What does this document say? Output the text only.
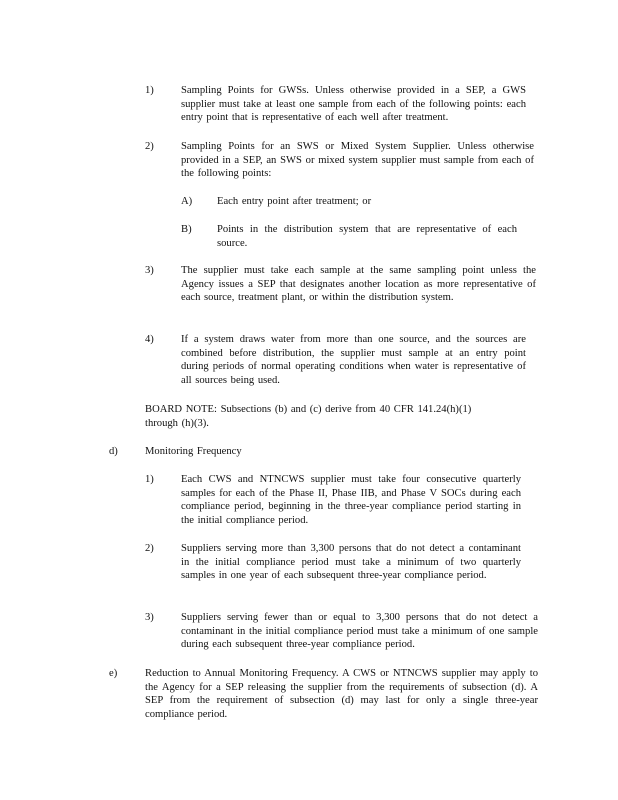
1)	Sampling Points for GWSs. Unless otherwise provided in a SEP, a GWS supplier must take at least one sample from each of the following points: each entry point that is representative of each well after treatment.

2)	Sampling Points for an SWS or Mixed System Supplier. Unless otherwise provided in a SEP, an SWS or mixed system supplier must sample from each of the following points:

A) Each entry point after treatment; or

B) Points in the distribution system that are representative of each source.

3)	The supplier must take each sample at the same sampling point unless the Agency issues a SEP that designates another location as more representative of each source, treatment plant, or within the distribution system.

4)	If a system draws water from more than one source, and the sources are combined before distribution, the supplier must sample at an entry point during periods of normal operating conditions when water is representative of all sources being used.

BOARD NOTE: Subsections (b) and (c) derive from 40 CFR 141.24(h)(1) through (h)(3).

d)	Monitoring Frequency

1)	Each CWS and NTNCWS supplier must take four consecutive quarterly samples for each of the Phase II, Phase IIB, and Phase V SOCs during each compliance period, beginning in the three-year compliance period starting in the initial compliance period.

2)	Suppliers serving more than 3,300 persons that do not detect a contaminant in the initial compliance period must take a minimum of two quarterly samples in one year of each subsequent three-year compliance period.

3)	Suppliers serving fewer than or equal to 3,300 persons that do not detect a contaminant in the initial compliance period must take a minimum of one sample during each subsequent three-year compliance period.

e)	Reduction to Annual Monitoring Frequency. A CWS or NTNCWS supplier may apply to the Agency for a SEP releasing the supplier from the requirements of subsection (d). A SEP from the requirement of subsection (d) may last for only a single three-year compliance period.
